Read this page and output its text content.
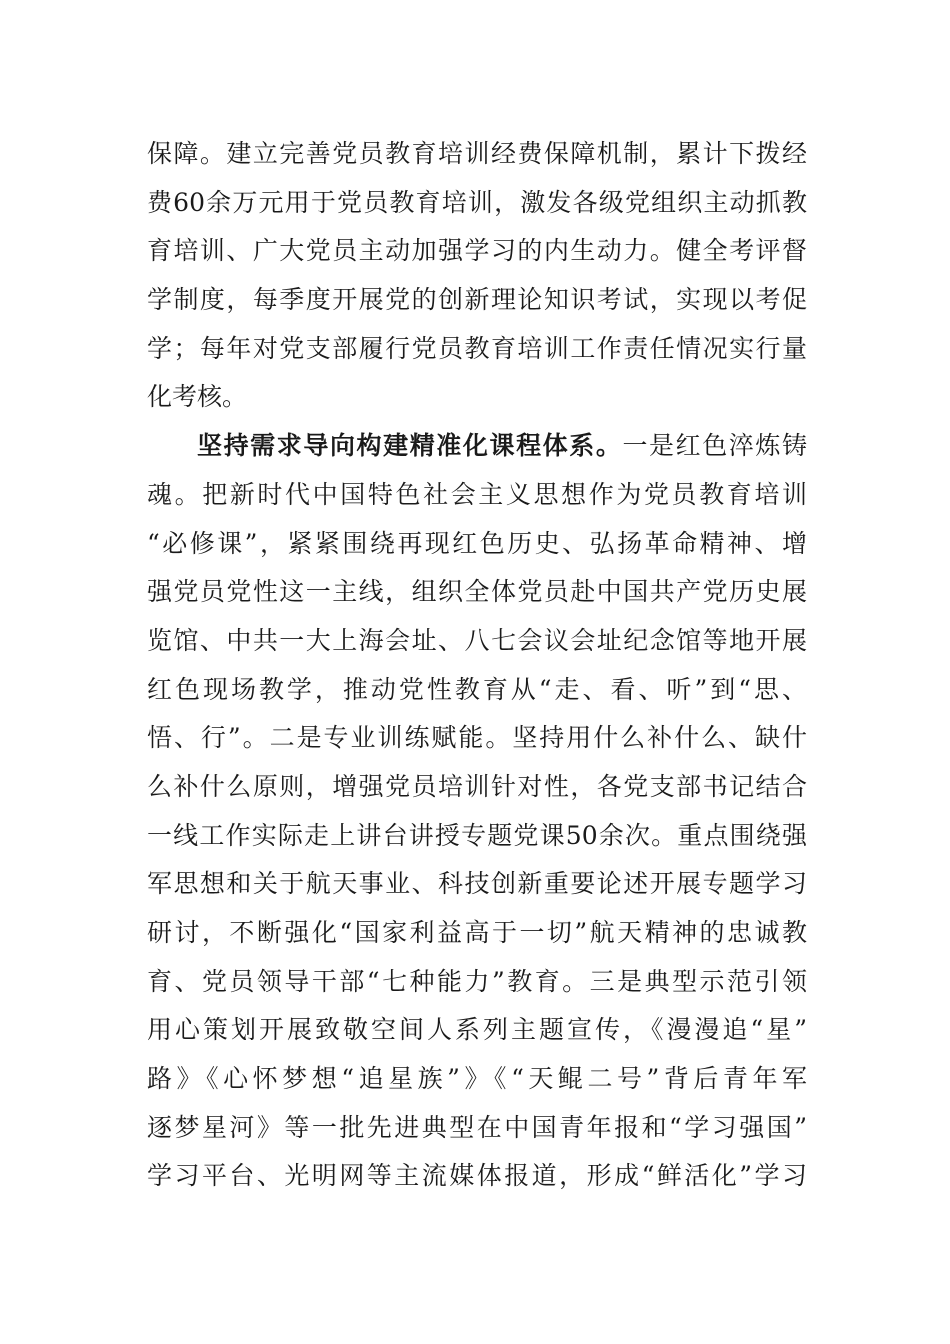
保障。建立完善党员教育培训经费保障机制，累计下拨经
费60余万元用于党员教育培训，激发各级党组织主动抓教
育培训、广大党员主动加强学习的内生动力。健全考评督
学制度，每季度开展党的创新理论知识考试，实现以考促
学；每年对党支部履行党员教育培训工作责任情况实行量
化考核。
坚持需求导向构建精准化课程体系。一是红色淬炼铸
魂。把新时代中国特色社会主义思想作为党员教育培训
“必修课”，紧紧围绕再现红色历史、弘扬革命精神、增
强党员党性这一主线，组织全体党员赴中国共产党历史展
览馆、中共一大上海会址、八七会议会址纪念馆等地开展
红色现场教学，推动党性教育从“走、看、听”到“思、
悟、行”。二是专业训练赋能。坚持用什么补什么、缺什
么补什么原则，增强党员培训针对性，各党支部书记结合
一线工作实际走上讲台讲授专题党课50余次。重点围绕强
军思想和关于航天事业、科技创新重要论述开展专题学习
研讨，不断强化“国家利益高于一切”航天精神的忠诚教
育、党员领导干部“七种能力”教育。三是典型示范引领
用心策划开展致敬空间人系列主题宣传，《漫漫追“星”
路》《心怀梦想“追星族”》《“天鲲二号”背后青年军
逐梦星河》等一批先进典型在中国青年报和“学习强国”
学习平台、光明网等主流媒体报道，形成“鲜活化”学习
